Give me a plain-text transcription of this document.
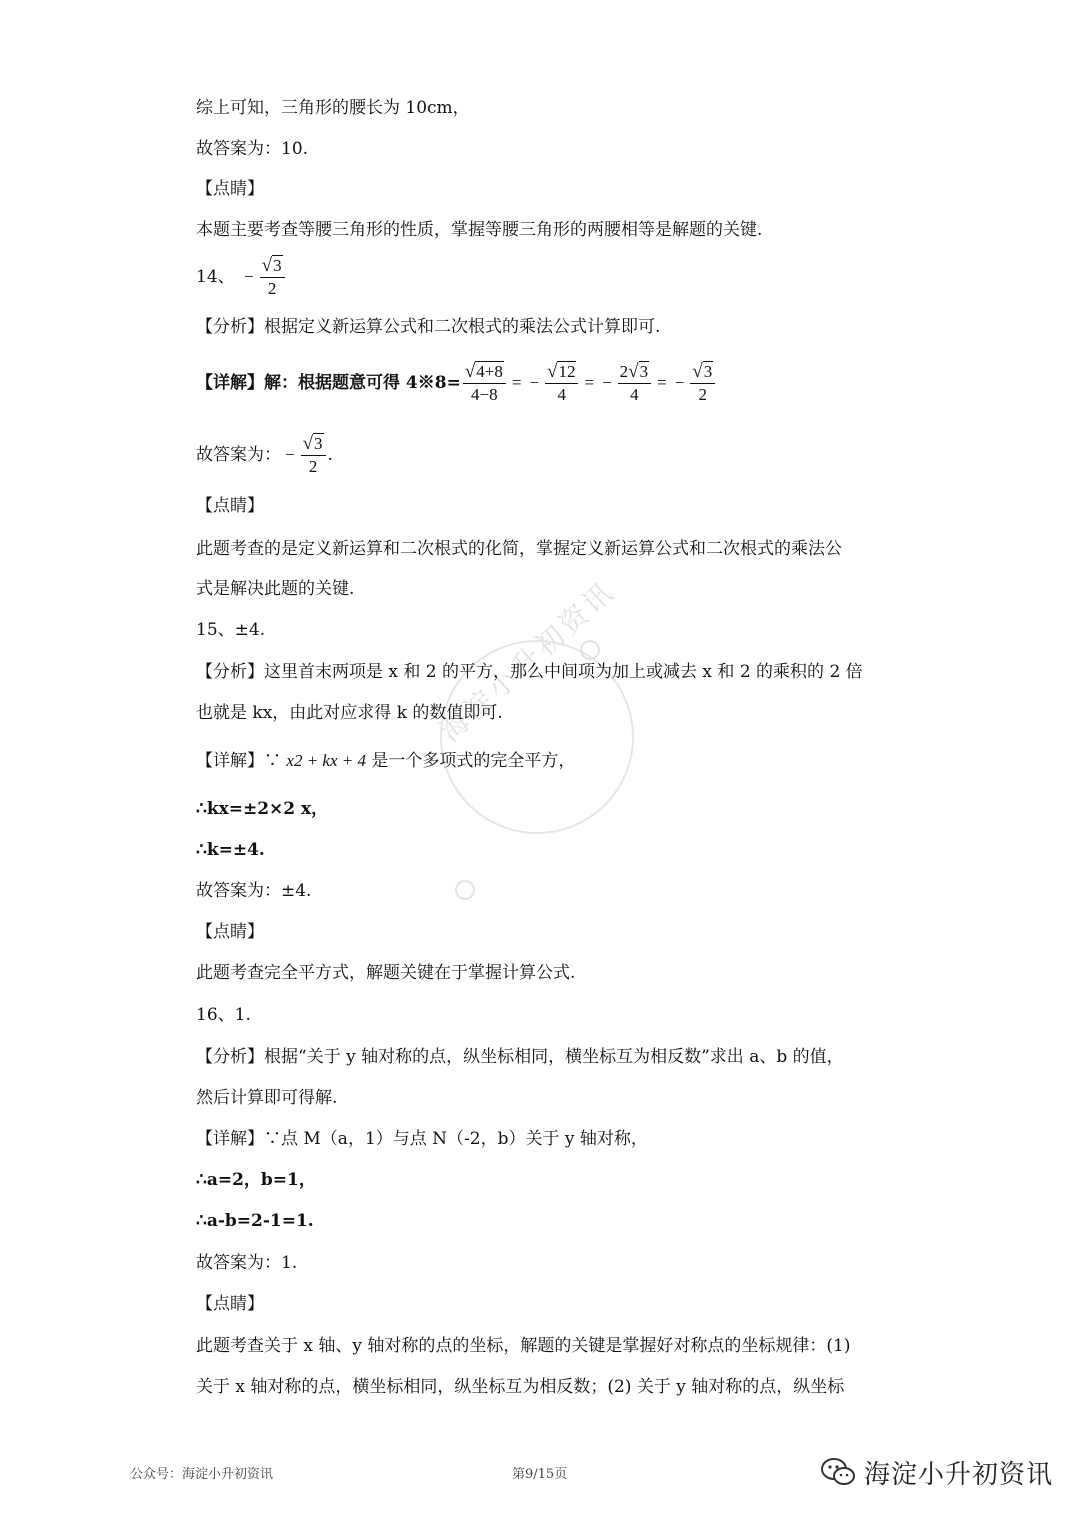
海淀小升初资讯
综上可知，三角形的腰长为 10cm，
故答案为：10.
【点睛】
本题主要考查等腰三角形的性质，掌握等腰三角形的两腰相等是解题的关键.
14、 − $\frac{√3}{2}$
【分析】根据定义新运算公式和二次根式的乘法公式计算即可.
【详解】解：根据题意可得 4※8= $\frac{√4+8}{4-8}$ = − $\frac{√12}{4}$ = − $\frac{2√3}{4}$ = − $\frac{√3}{2}$
故答案为： − $\frac{√3}{2}$ .
【点睛】
此题考查的是定义新运算和二次根式的化简，掌握定义新运算公式和二次根式的乘法公
式是解决此题的关键.
15、±4.
【分析】这里首末两项是 x 和 2 的平方，那么中间项为加上或减去 x 和 2 的乘积的 2 倍
也就是 kx，由此对应求得 k 的数值即可.
【详解】∵ x2 + kx + 4 是一个多项式的完全平方，
∴kx=±2×2 x，
∴k=±4.
故答案为：±4.
【点睛】
此题考查完全平方式，解题关键在于掌握计算公式.
16、1.
【分析】根据“关于 y 轴对称的点，纵坐标相同，横坐标互为相反数”求出 a、b 的值，
然后计算即可得解.
【详解】∵点 M（a，1）与点 N（-2，b）关于 y 轴对称，
∴a=2，b=1，
∴a-b=2-1=1.
故答案为：1.
【点睛】
此题考查关于 x 轴、y 轴对称的点的坐标，解题的关键是掌握好对称点的坐标规律：(1)
关于 x 轴对称的点，横坐标相同，纵坐标互为相反数；(2) 关于 y 轴对称的点，纵坐标
公众号：海淀小升初资讯	第9/15页	海淀小升初资讯
